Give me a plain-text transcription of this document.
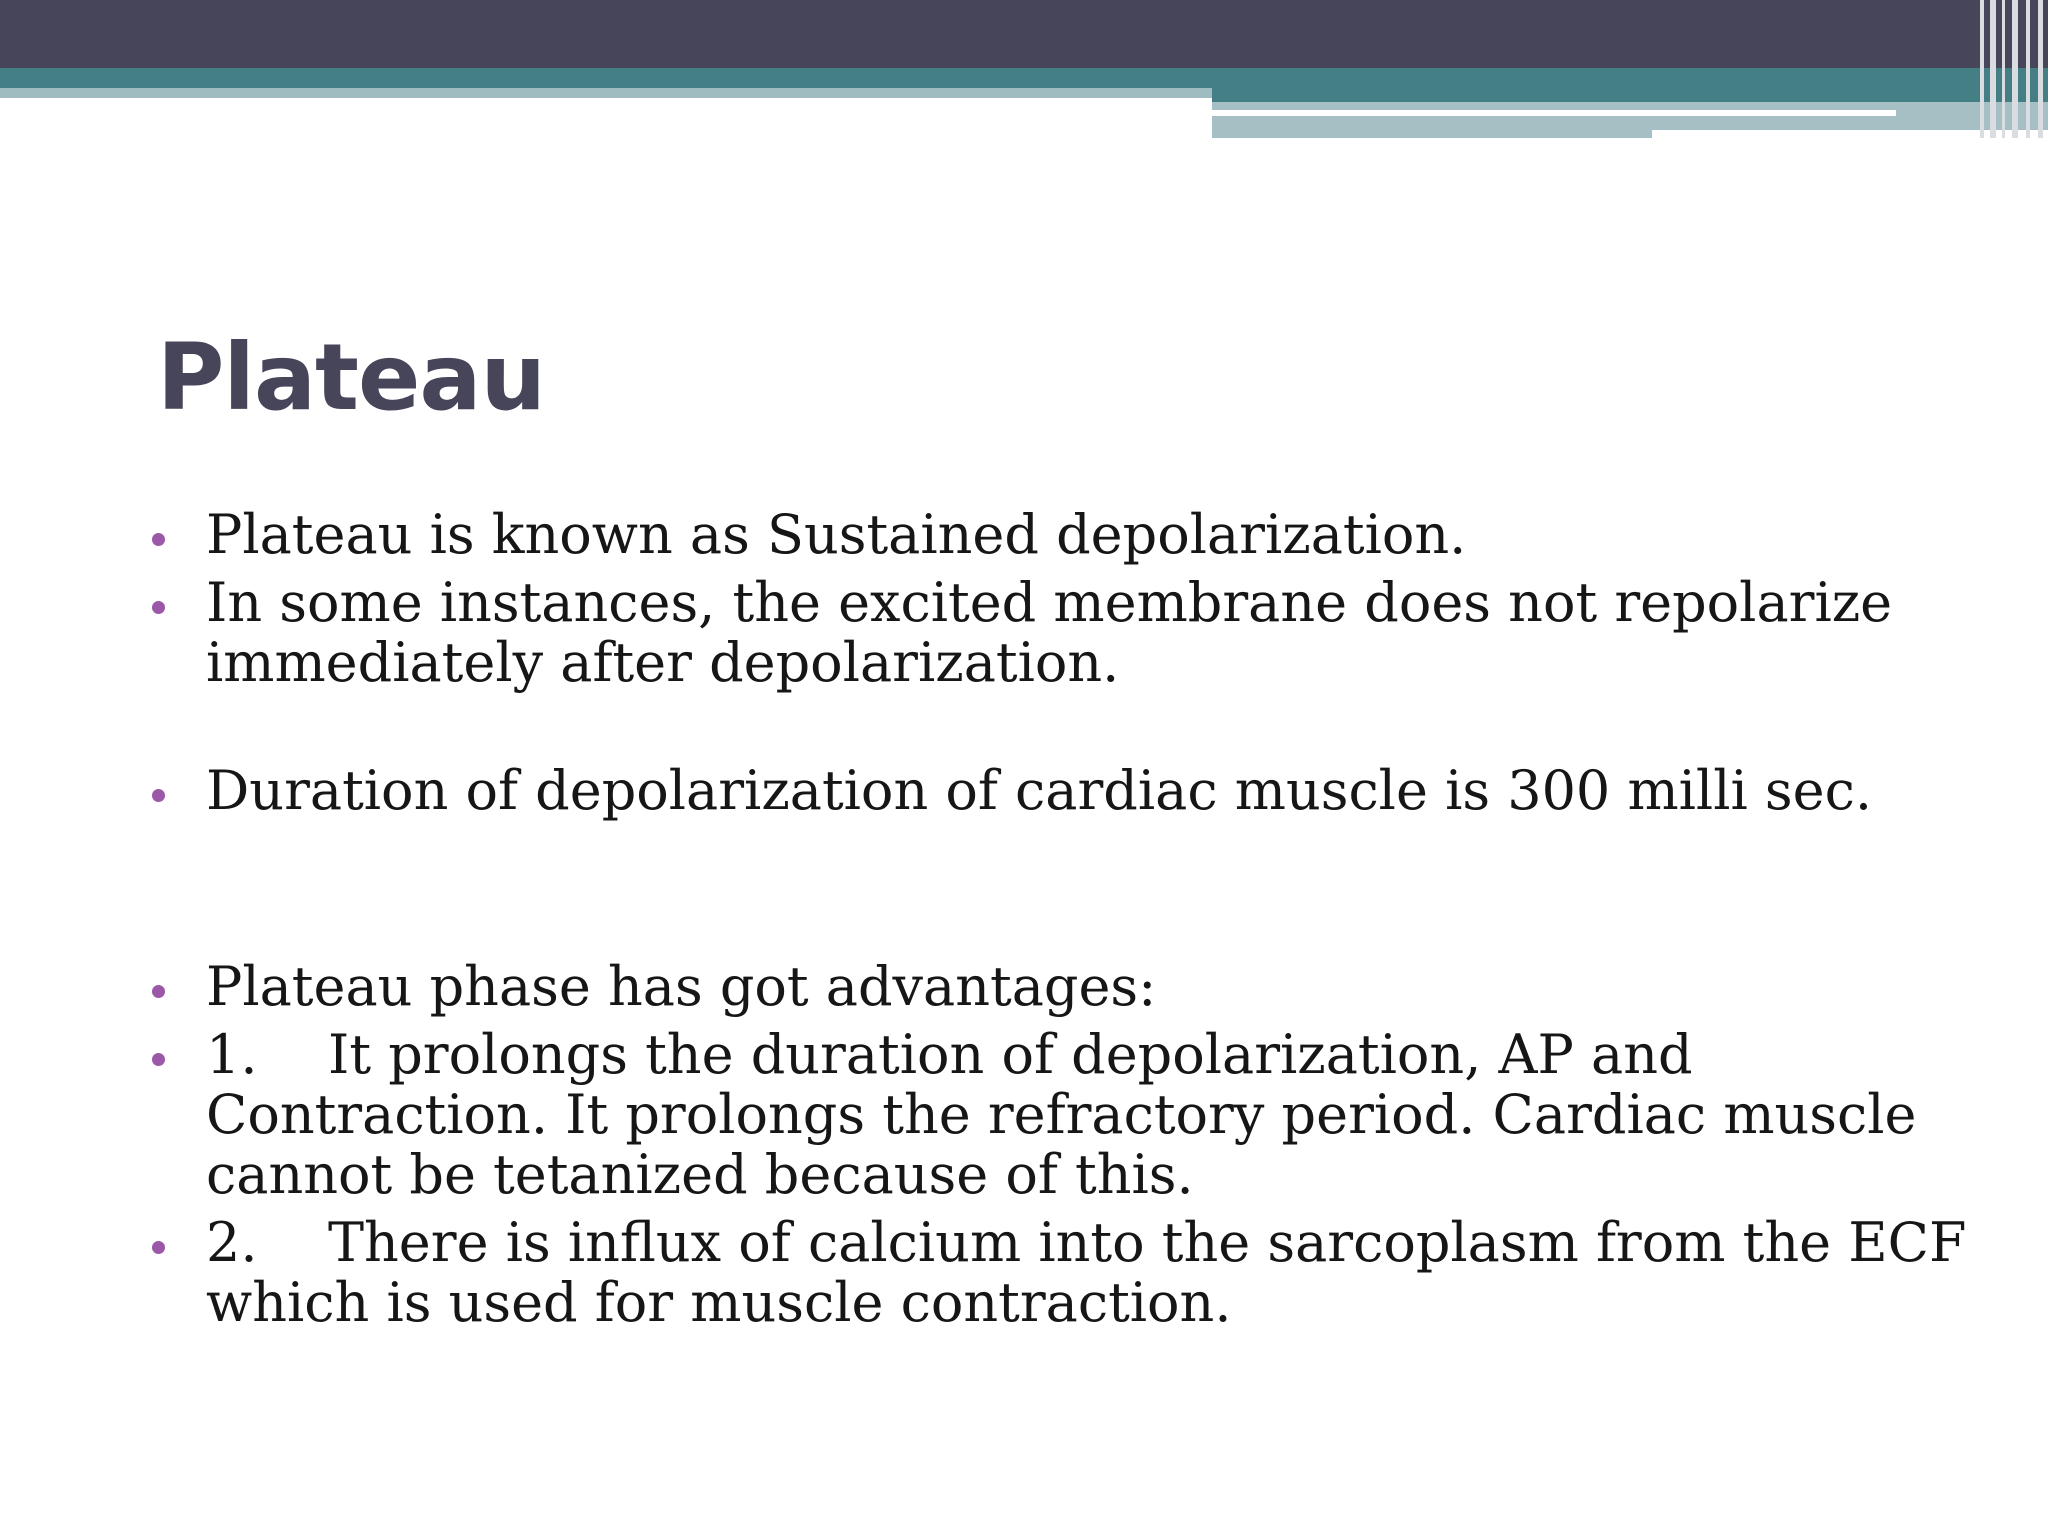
Plateau
Plateau is known as Sustained depolarization.
In some instances, the excited membrane does not repolarize immediately after depolarization.
Duration of depolarization of cardiac muscle is 300 milli sec.
Plateau phase has got advantages:
1. It prolongs the duration of depolarization, AP and Contraction. It prolongs the refractory period. Cardiac muscle cannot be tetanized because of this.
2. There is influx of calcium into the sarcoplasm from the ECF which is used for muscle contraction.
